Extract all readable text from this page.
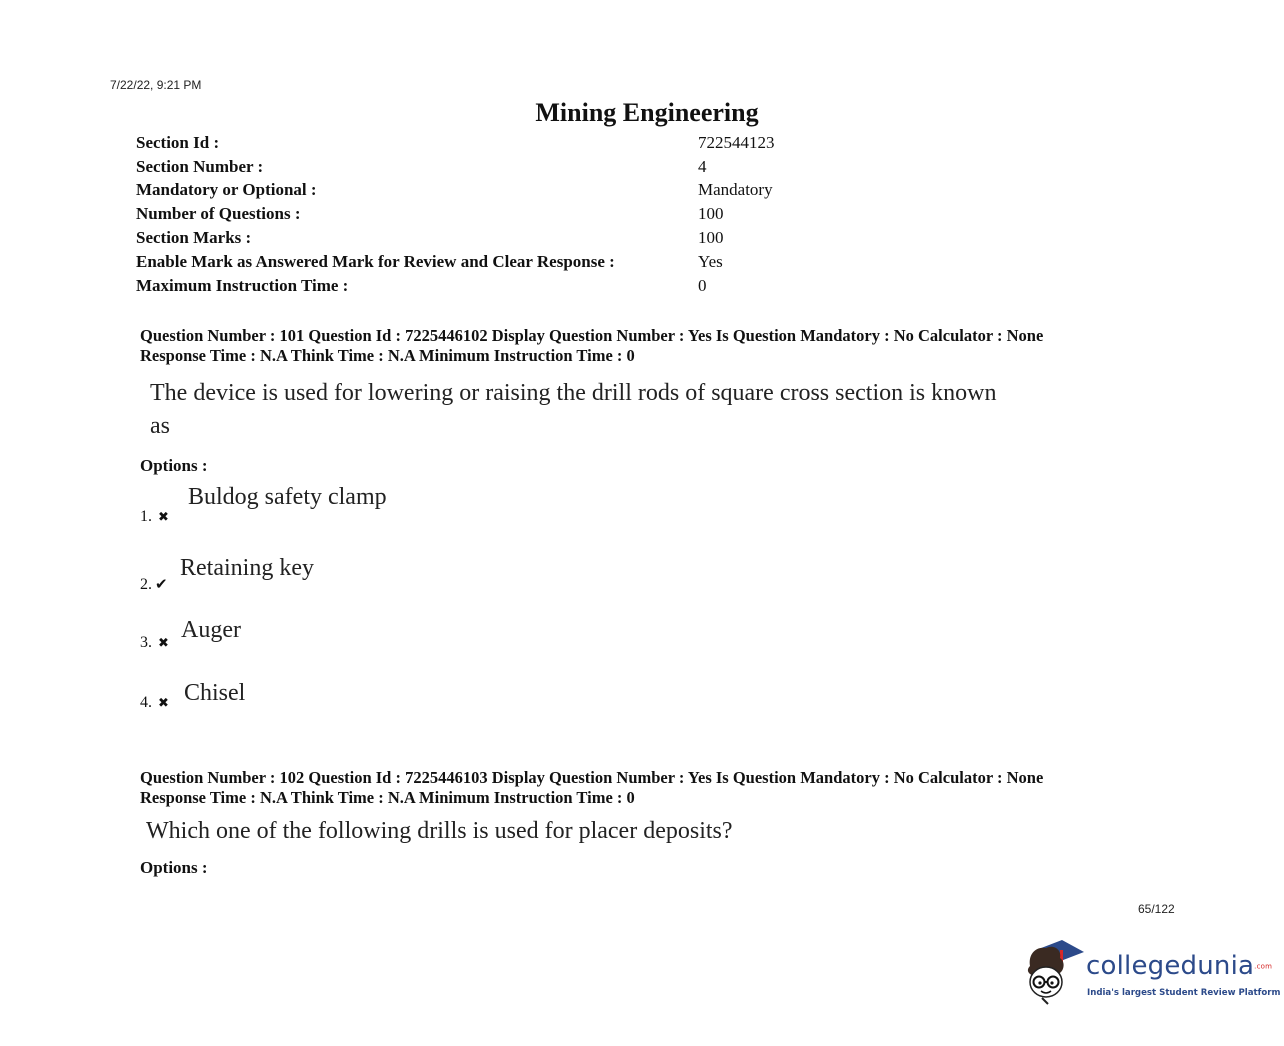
7/22/22, 9:21 PM
Mining Engineering
Section Id :	722544123
Section Number :	4
Mandatory or Optional :	Mandatory
Number of Questions :	100
Section Marks :	100
Enable Mark as Answered Mark for Review and Clear Response :	Yes
Maximum Instruction Time :	0
Question Number : 101 Question Id : 7225446102 Display Question Number : Yes Is Question Mandatory : No Calculator : None
Response Time : N.A Think Time : N.A Minimum Instruction Time : 0
The device is used for lowering or raising the drill rods of square cross section is known
as
Options :
1. ✖
Buldog safety clamp
2. ✔
Retaining key
3. ✖ Auger
4. ✖ Chisel
Question Number : 102 Question Id : 7225446103 Display Question Number : Yes Is Question Mandatory : No Calculator : None
Response Time : N.A Think Time : N.A Minimum Instruction Time : 0
Which one of the following drills is used for placer deposits?
Options :
65/122
collegedunia.com
India's largest Student Review Platform
